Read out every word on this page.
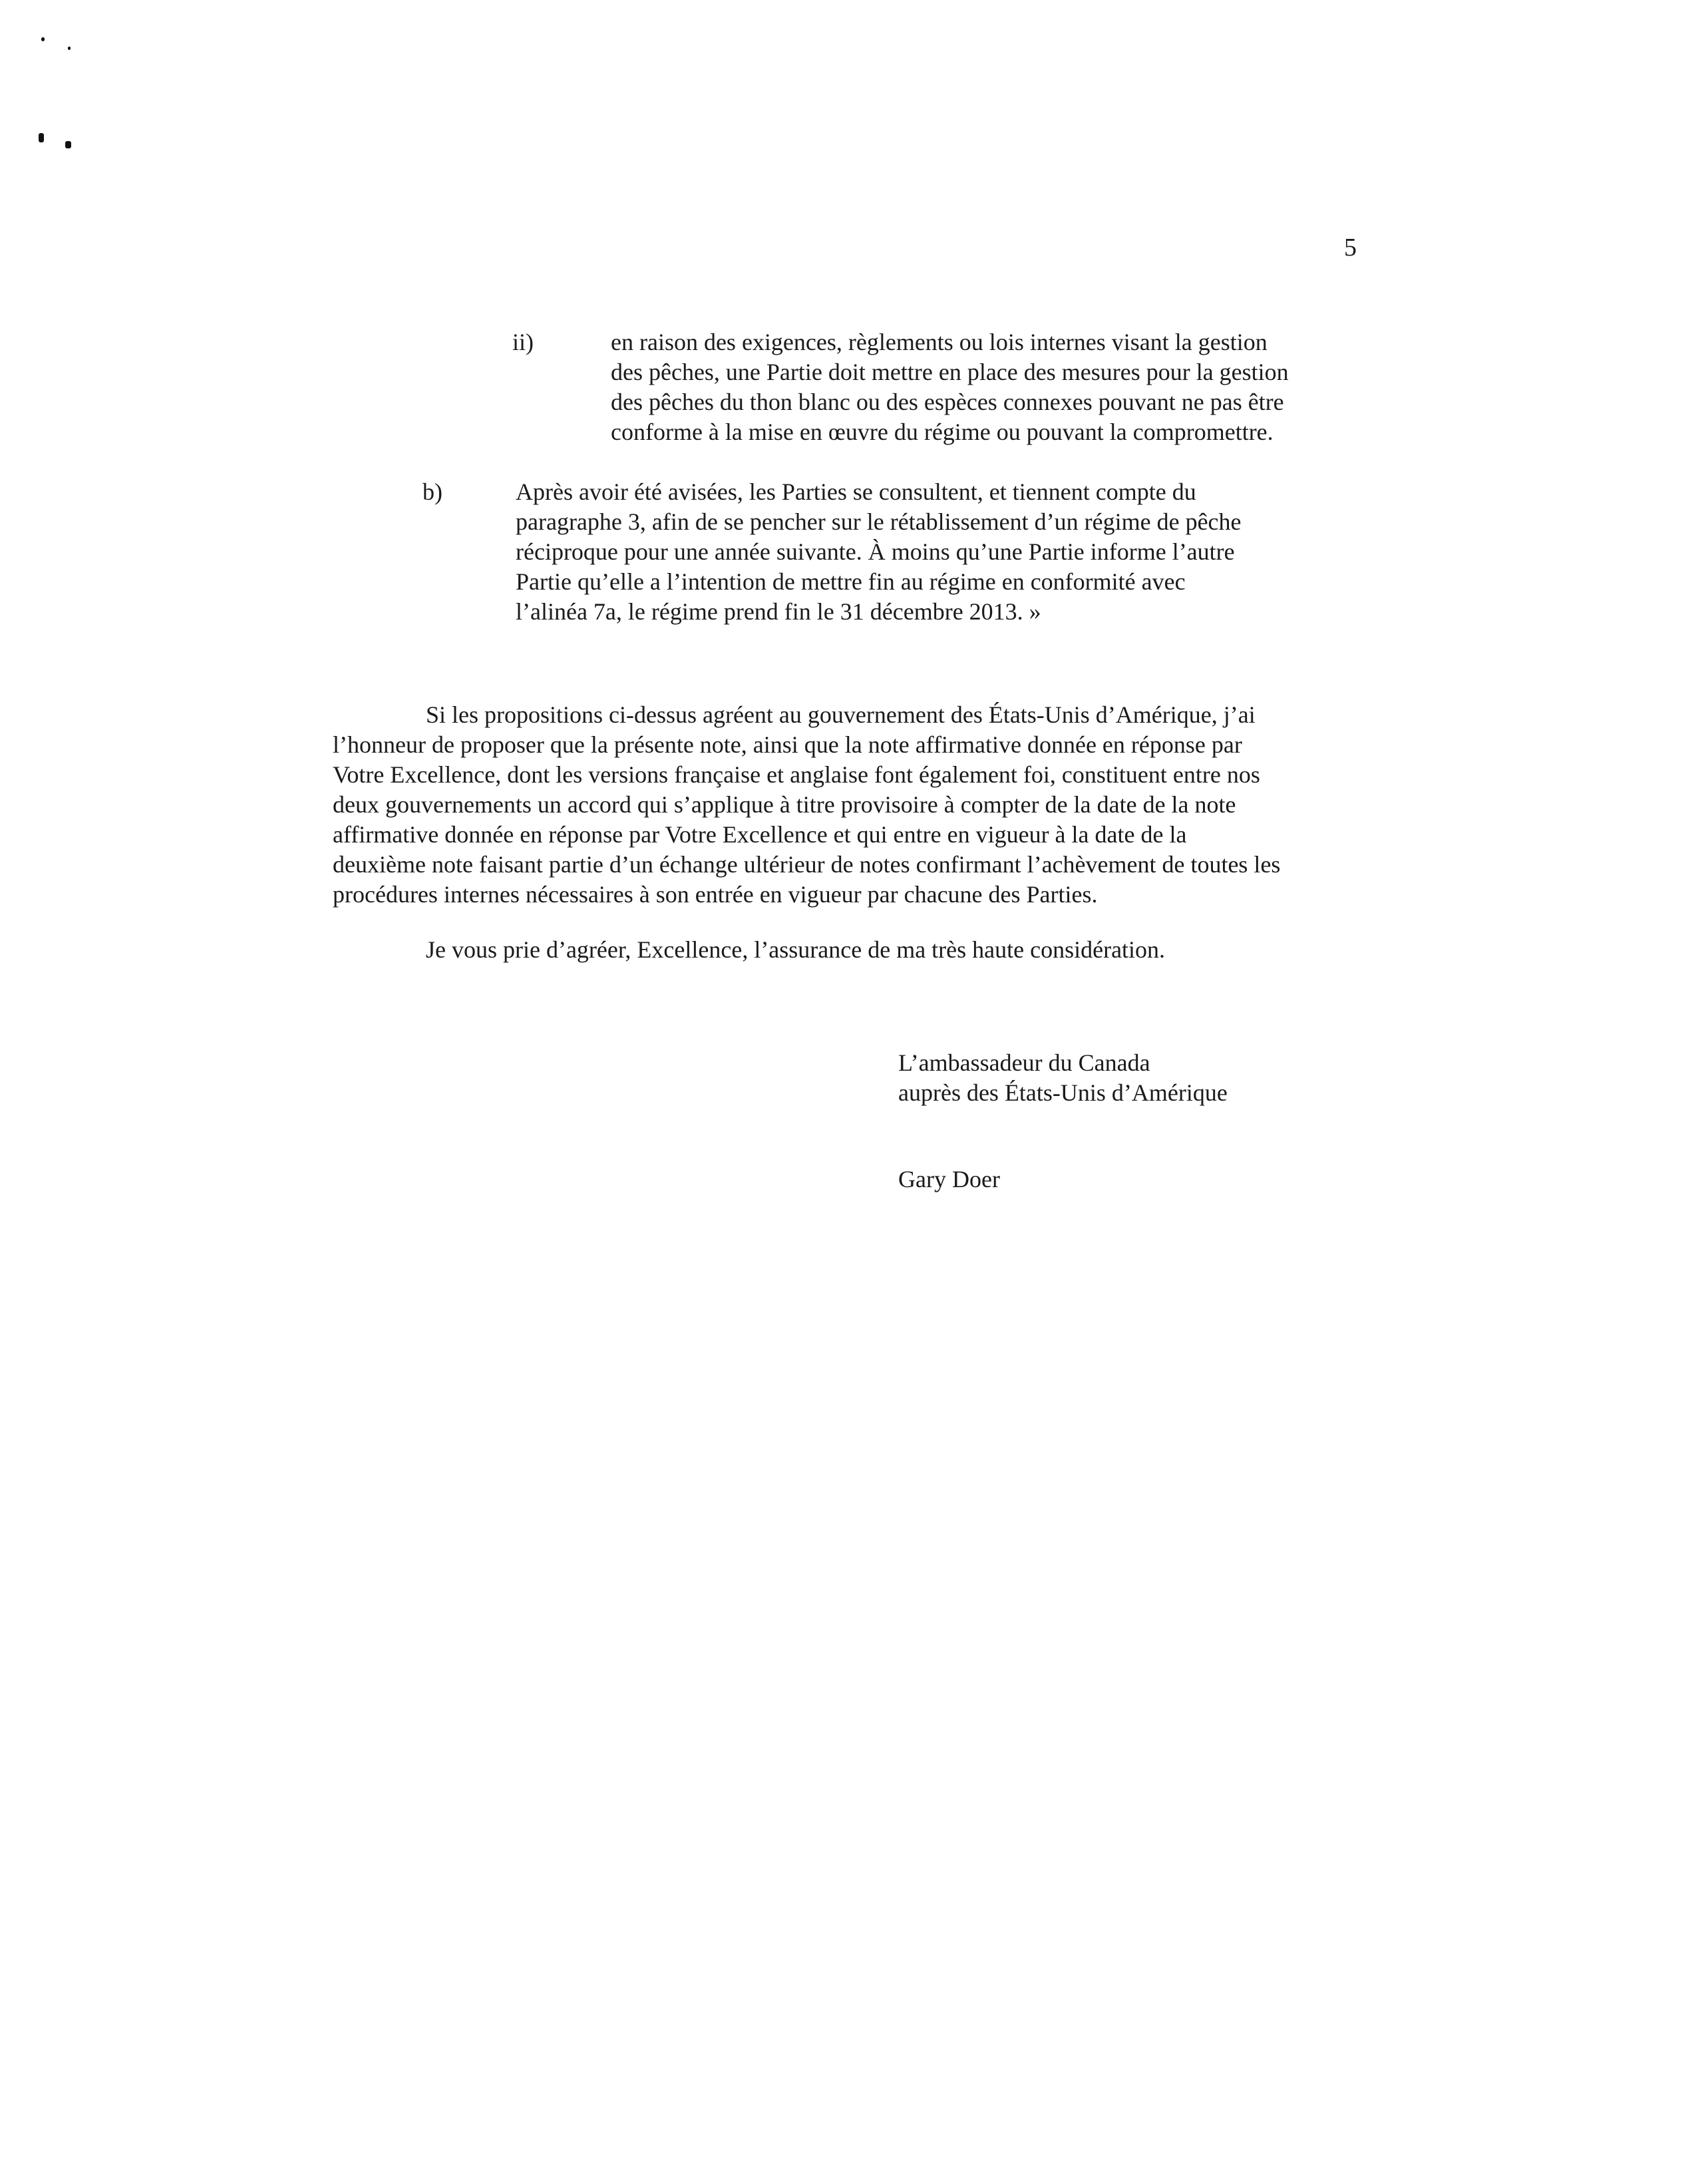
5
ii)	en raison des exigences, règlements ou lois internes visant la gestion
des pêches, une Partie doit mettre en place des mesures pour la gestion
des pêches du thon blanc ou des espèces connexes pouvant ne pas être
conforme à la mise en œuvre du régime ou pouvant la compromettre.
b)	Après avoir été avisées, les Parties se consultent, et tiennent compte du
paragraphe 3, afin de se pencher sur le rétablissement d’un régime de pêche
réciproque pour une année suivante. À moins qu’une Partie informe l’autre
Partie qu’elle a l’intention de mettre fin au régime en conformité avec
l’alinéa 7a, le régime prend fin le 31 décembre 2013. »

Si les propositions ci-dessus agréent au gouvernement des États-Unis d’Amérique, j’ai
l’honneur de proposer que la présente note, ainsi que la note affirmative donnée en réponse par
Votre Excellence, dont les versions française et anglaise font également foi, constituent entre nos
deux gouvernements un accord qui s’applique à titre provisoire à compter de la date de la note
affirmative donnée en réponse par Votre Excellence et qui entre en vigueur à la date de la
deuxième note faisant partie d’un échange ultérieur de notes confirmant l’achèvement de toutes les
procédures internes nécessaires à son entrée en vigueur par chacune des Parties.

Je vous prie d’agréer, Excellence, l’assurance de ma très haute considération.

L’ambassadeur du Canada
auprès des États-Unis d’Amérique
Gary Doer
